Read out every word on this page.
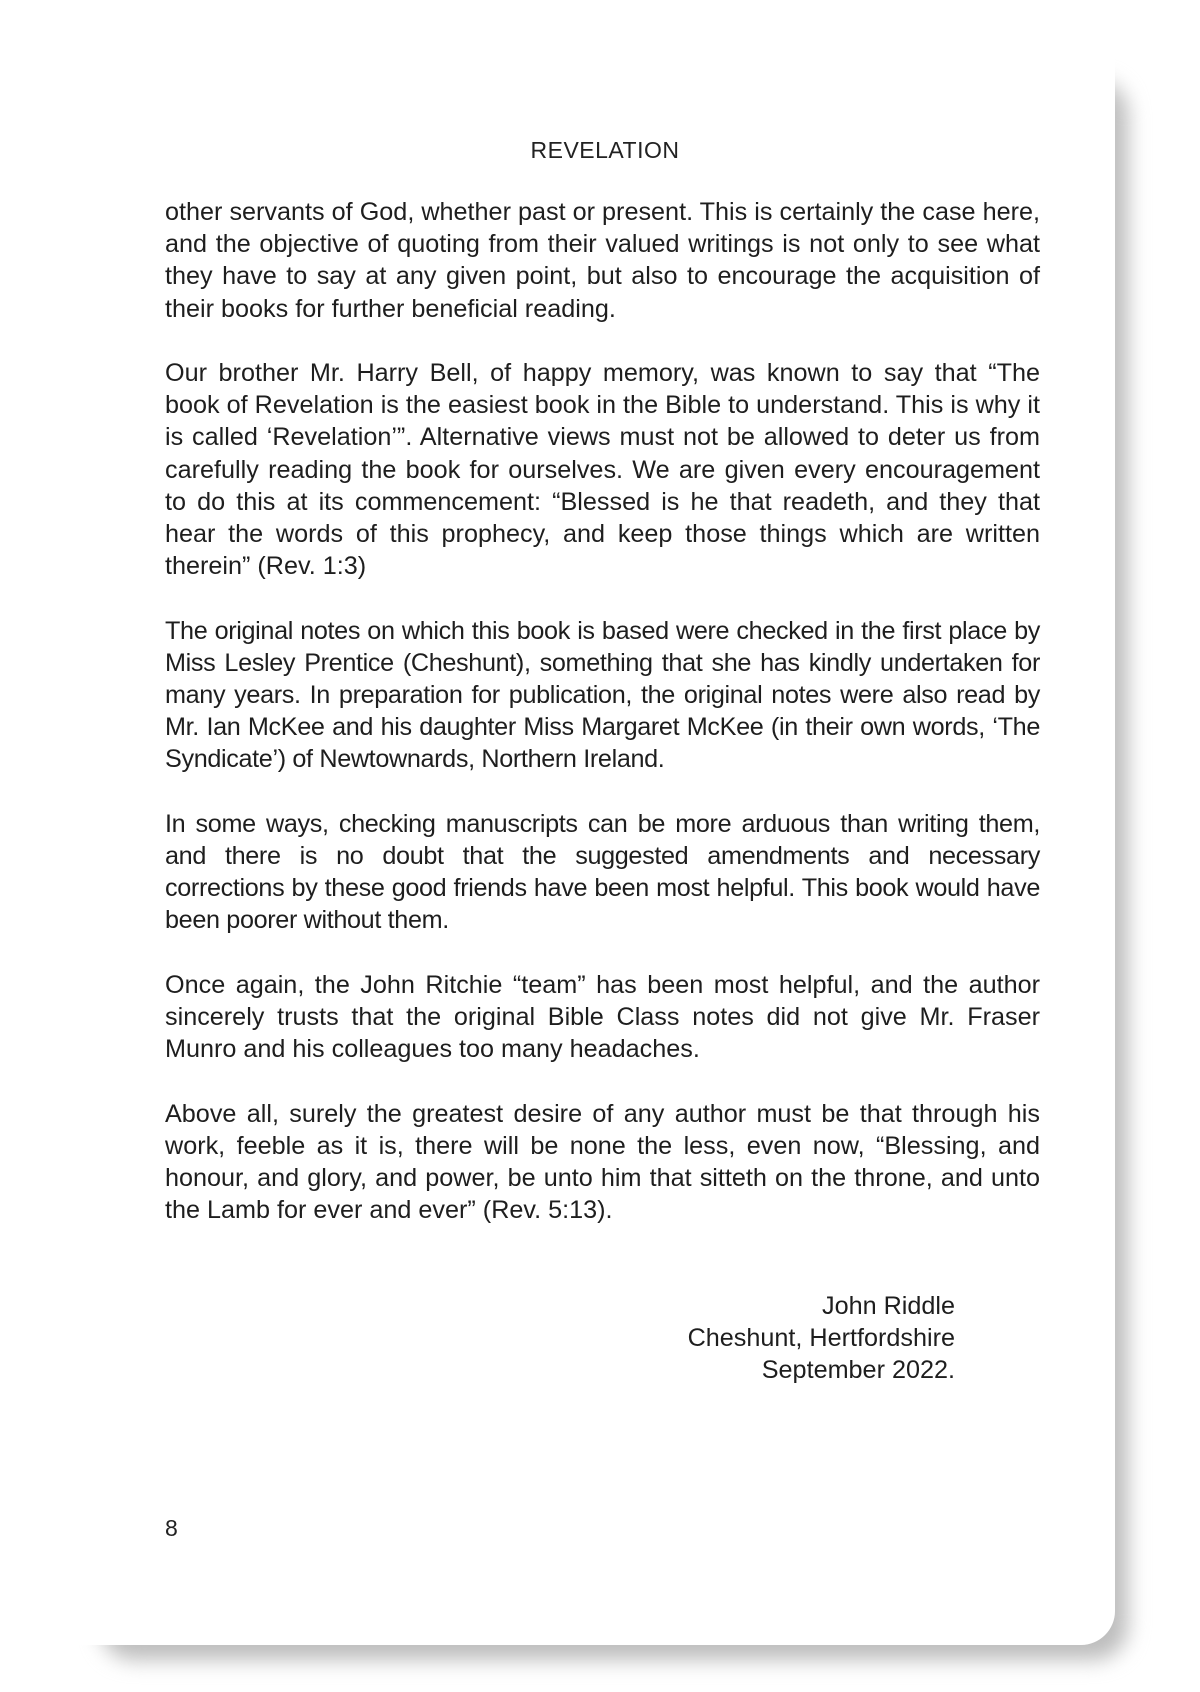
REVELATION

other servants of God, whether past or present. This is certainly the case here, and the objective of quoting from their valued writings is not only to see what they have to say at any given point, but also to encourage the acquisition of their books for further beneficial reading.

Our brother Mr. Harry Bell, of happy memory, was known to say that “The book of Revelation is the easiest book in the Bible to understand. This is why it is called ‘Revelation’”. Alternative views must not be allowed to deter us from carefully reading the book for ourselves. We are given every encouragement to do this at its commencement: “Blessed is he that readeth, and they that hear the words of this prophecy, and keep those things which are written therein” (Rev. 1:3)

The original notes on which this book is based were checked in the first place by Miss Lesley Prentice (Cheshunt), something that she has kindly undertaken for many years. In preparation for publication, the original notes were also read by Mr. Ian McKee and his daughter Miss Margaret McKee (in their own words, ‘The Syndicate’) of Newtownards, Northern Ireland.

In some ways, checking manuscripts can be more arduous than writing them, and there is no doubt that the suggested amendments and necessary corrections by these good friends have been most helpful. This book would have been poorer without them.

Once again, the John Ritchie “team” has been most helpful, and the author sincerely trusts that the original Bible Class notes did not give Mr. Fraser Munro and his colleagues too many headaches.

Above all, surely the greatest desire of any author must be that through his work, feeble as it is, there will be none the less, even now, “Blessing, and honour, and glory, and power, be unto him that sitteth on the throne, and unto the Lamb for ever and ever” (Rev. 5:13).

John Riddle
Cheshunt, Hertfordshire
September 2022.
8
